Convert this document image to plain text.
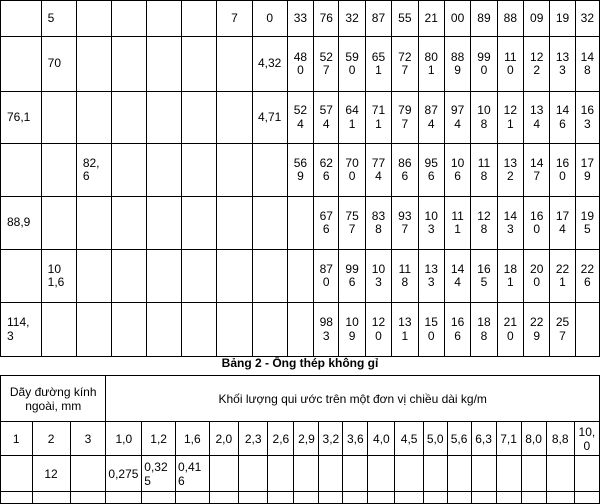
	5					7	0	33	76	32	87	55	21	00	89	88	09	19	32
	70						4,32	480	527	590	651	727	801	889	990	110	122	133	148
76,1							4,71	524	574	641	711	797	874	974	108	121	134	146	163
		82,6						569	626	700	774	866	956	106	118	132	147	160	179
88,9									676	757	838	937	103	111	128	143	160	174	195
	101,6								870	996	103	118	133	144	165	181	200	221	226
114,3									983	109	120	131	150	166	188	210	229	257	
Bảng 2 - Ống thép không gỉ
Dãy đường kính ngoài, mm			Khối lượng qui ước trên một đơn vị chiều dài kg/m																	
1	2	3	1,0	1,2	1,6	2,0	2,3	2,6	2,9	3,2	3,6	4,0	4,5	5,0	5,6	6,3	7,1	8,0	8,8	10,0
	12		0,275	0,325	0,416															
